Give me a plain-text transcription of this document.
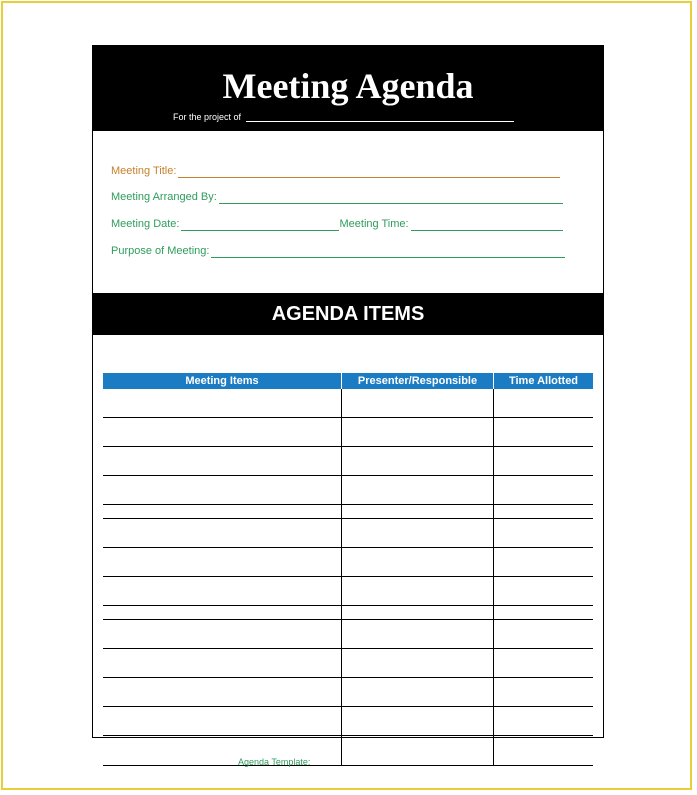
Meeting Agenda
For the project of

Meeting Title:
Meeting Arranged By:
Meeting Date:	Meeting Time:
Purpose of Meeting:
AGENDA ITEMS
Meeting Items	Presenter/Responsible	Time Allotted
Agenda Template:
